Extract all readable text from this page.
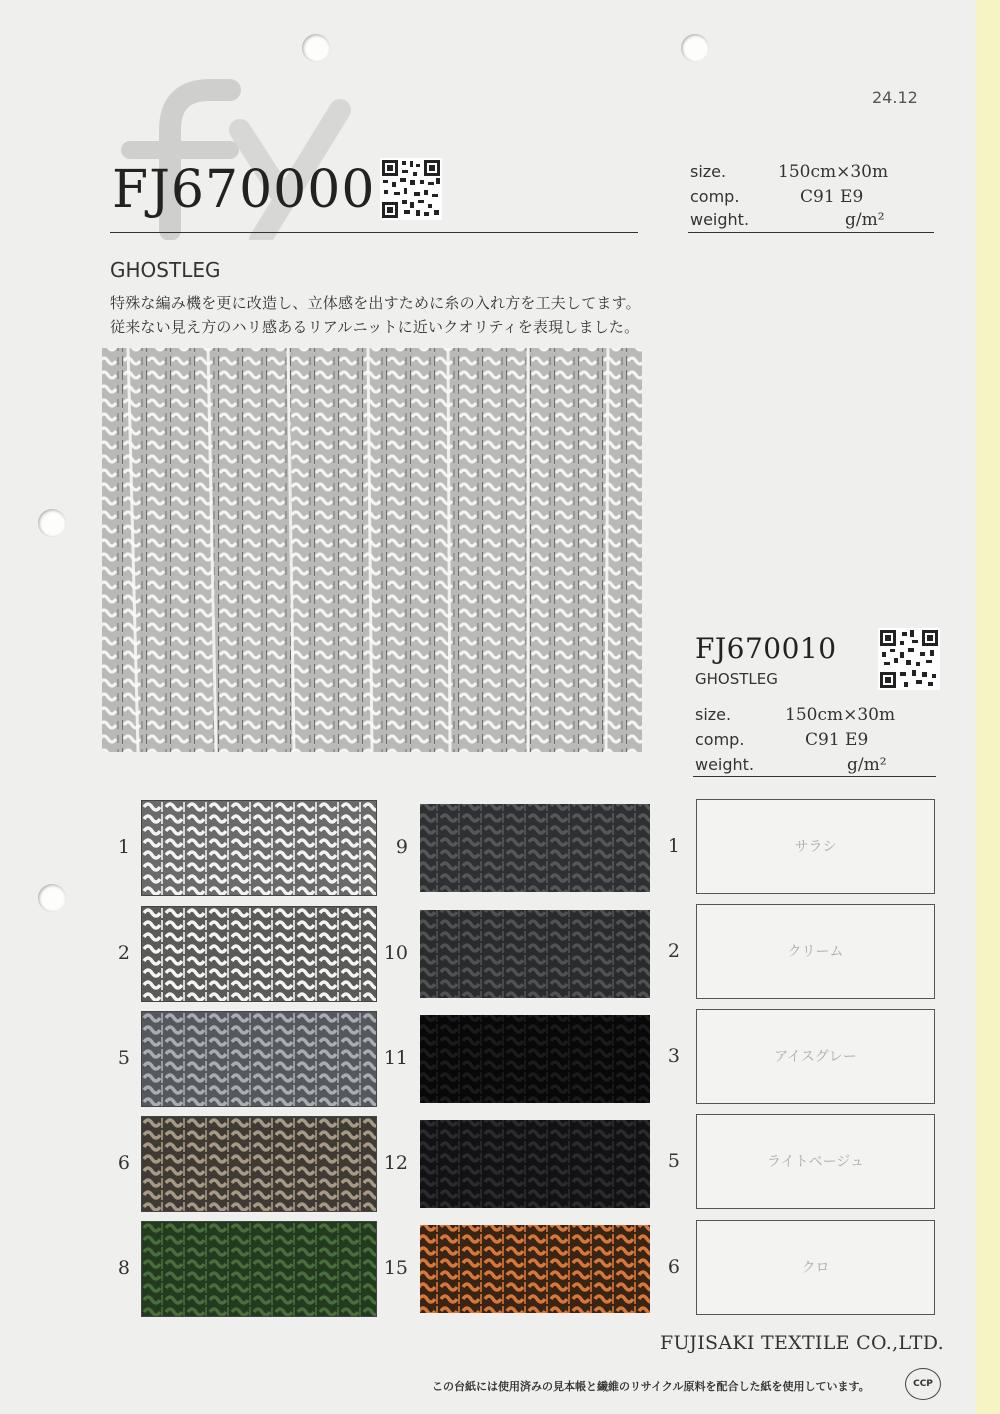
24.12
FJ670000
GHOSTLEG
特殊な編み機を更に改造し、立体感を出すために糸の入れ方を工夫してます。
従来ない見え方のハリ感あるリアルニットに近いクオリティを表現しました。
size.	150cm×30m
comp.	C91 E9
weight.	g/m²
1
2
5
6
8
9
10
11
12
15
FJ670010
GHOSTLEG
size.	150cm×30m
comp.	C91 E9
weight.	g/m²
1	サラシ
2	クリーム
3	アイスグレー
5	ライトベージュ
6	クロ
FUJISAKI TEXTILE CO.,LTD.
この台紙には使用済みの見本帳と繊維のリサイクル原料を配合した紙を使用しています。	CCP
